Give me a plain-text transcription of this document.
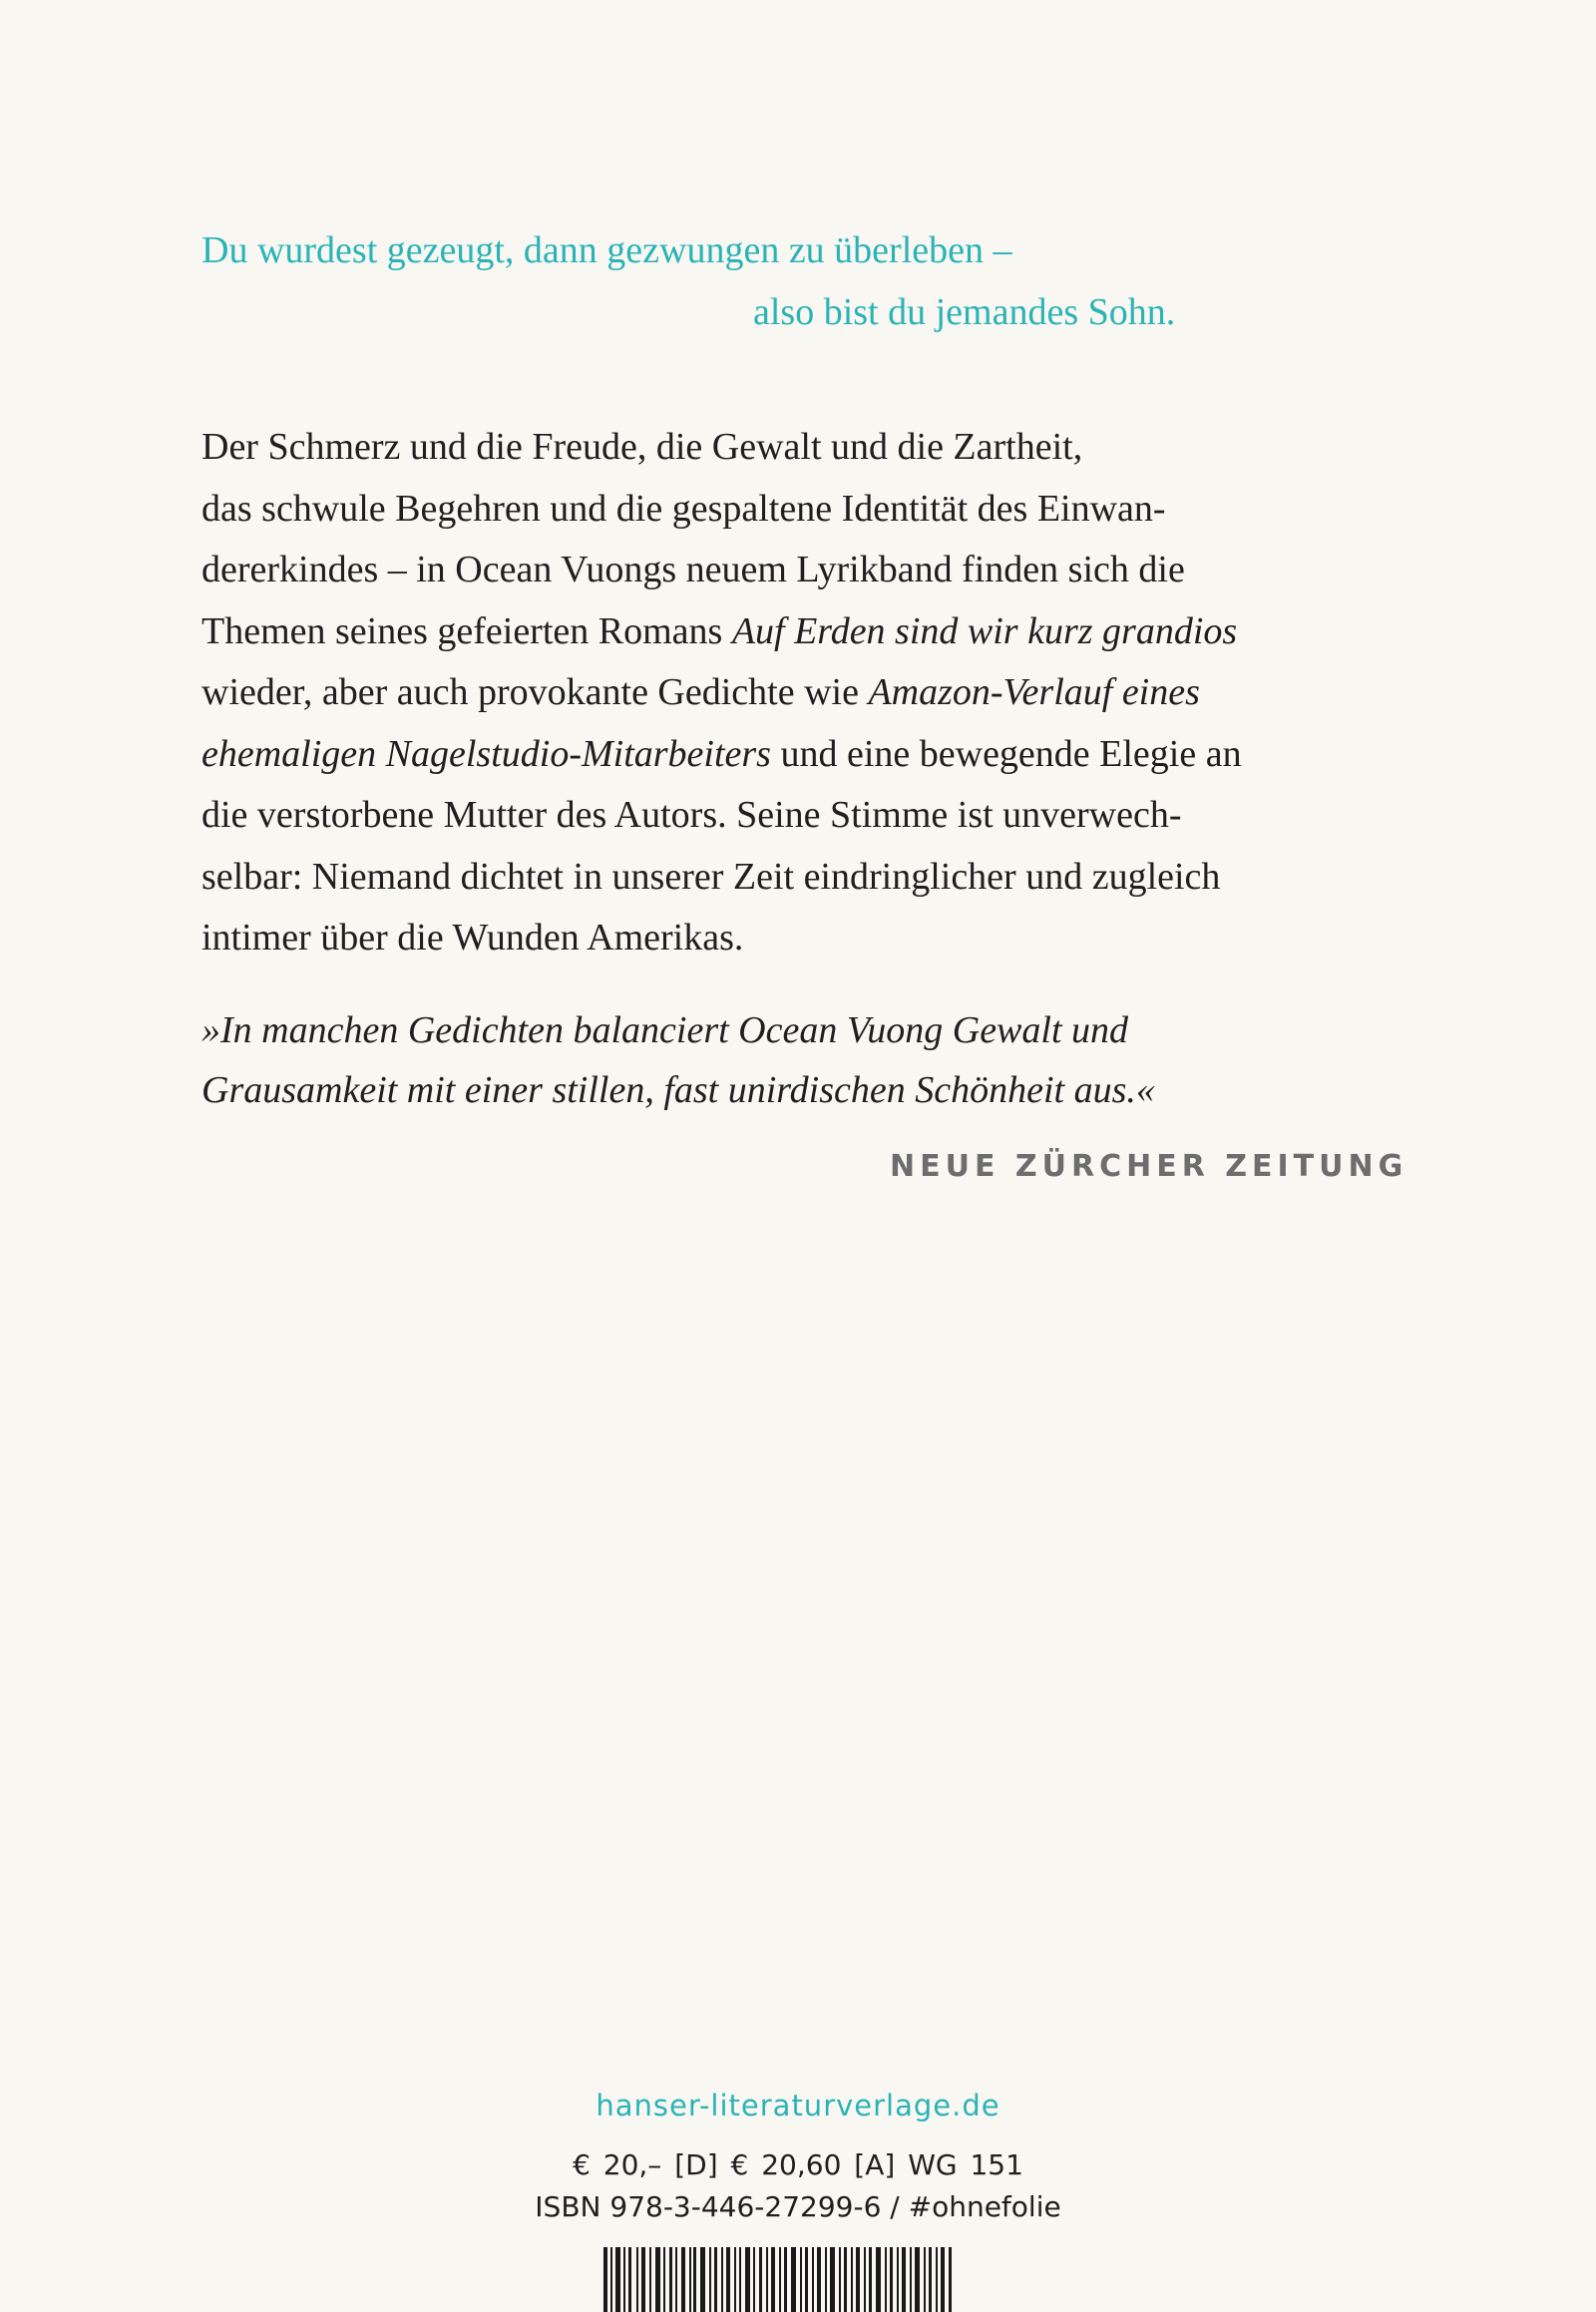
Du wurdest gezeugt, dann gezwungen zu überleben –
also bist du jemandes Sohn.
Der Schmerz und die Freude, die Gewalt und die Zartheit,
das schwule Begehren und die gespaltene Identität des Einwan-
dererkindes – in Ocean Vuongs neuem Lyrikband finden sich die
Themen seines gefeierten Romans Auf Erden sind wir kurz grandios
wieder, aber auch provokante Gedichte wie Amazon-Verlauf eines
ehemaligen Nagelstudio-Mitarbeiters und eine bewegende Elegie an
die verstorbene Mutter des Autors. Seine Stimme ist unverwech-
selbar: Niemand dichtet in unserer Zeit eindringlicher und zugleich
intimer über die Wunden Amerikas.
»In manchen Gedichten balanciert Ocean Vuong Gewalt und
Grausamkeit mit einer stillen, fast unirdischen Schönheit aus.«
NEUE ZÜRCHER ZEITUNG
hanser-literaturverlage.de
€ 20,– [D] € 20,60 [A] WG 151
ISBN 978-3-446-27299-6 / #ohnefolie
